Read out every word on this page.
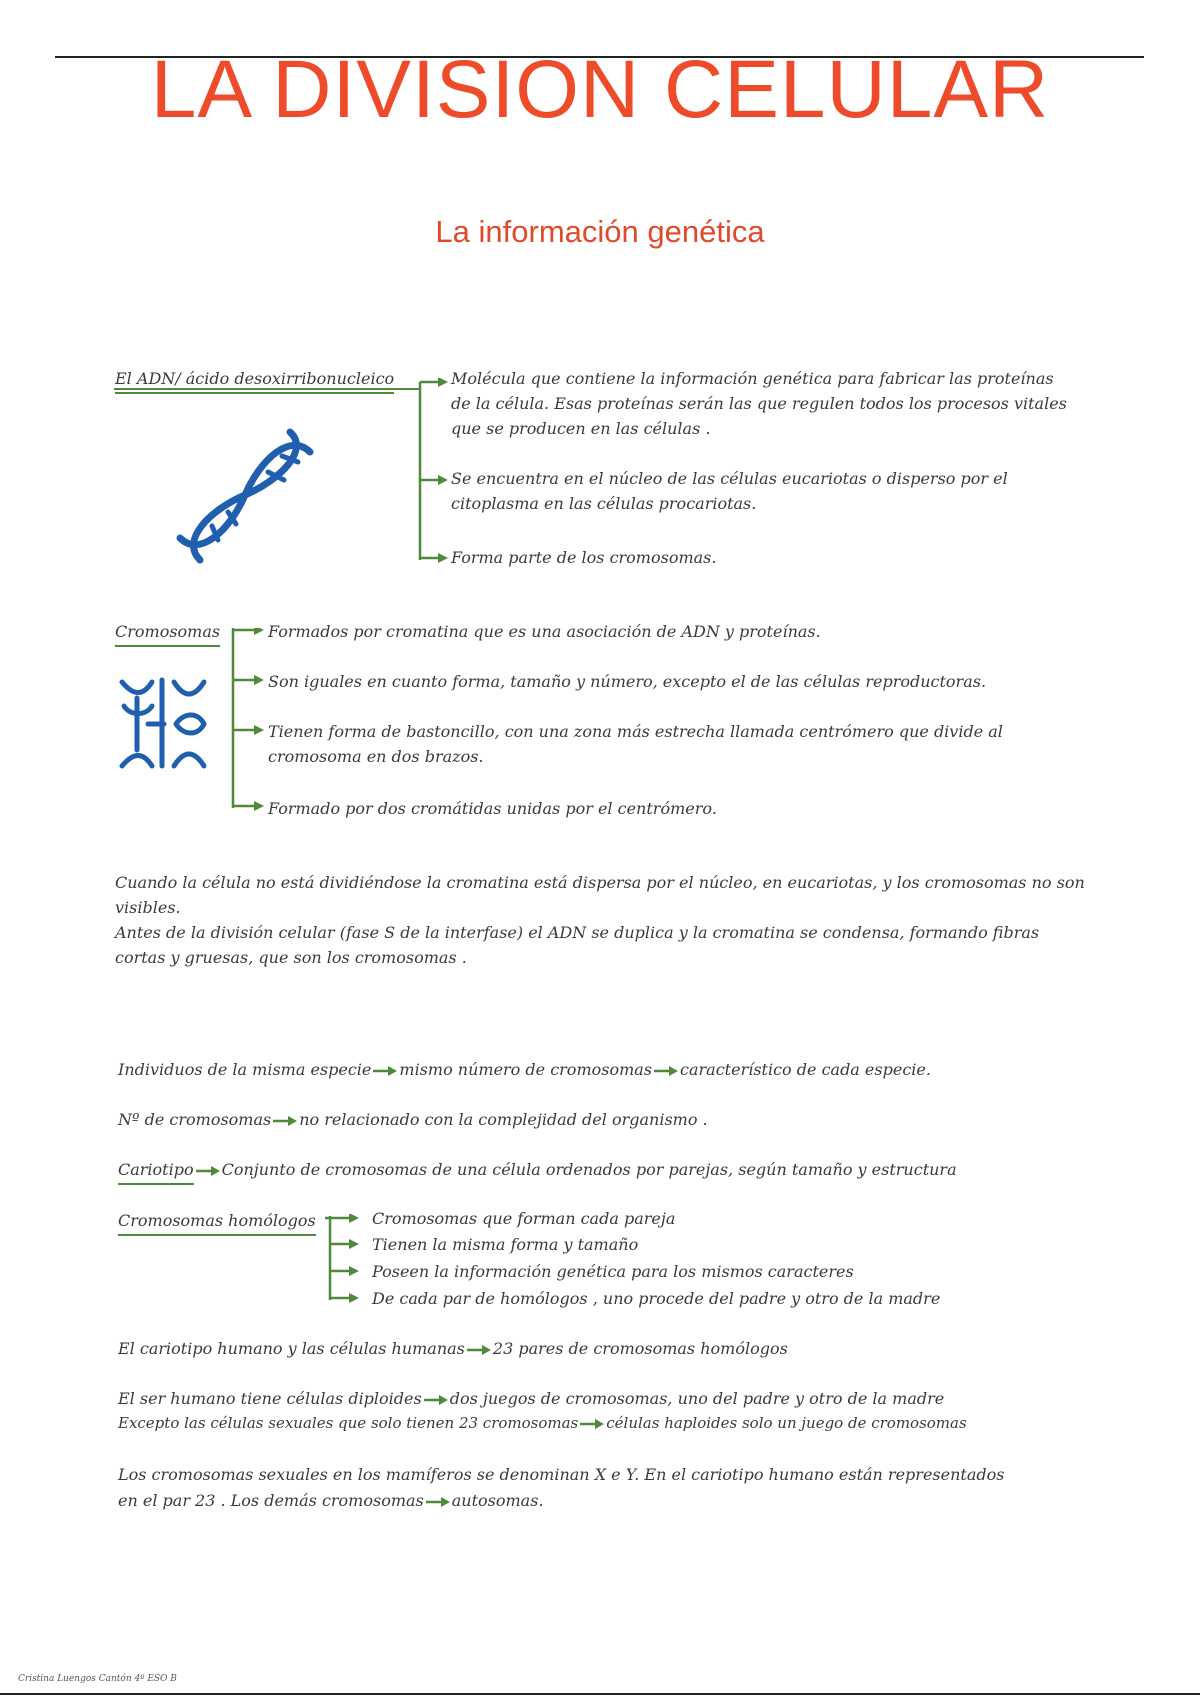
LA DIVISION CELULAR
La información genética
El ADN/ ácido desoxirribonucleico	Molécula que contiene la información genética para fabricar las proteínas de la célula. Esas proteínas serán las que regulen todos los procesos vitales que se producen en las células .
Se encuentra en el núcleo de las células eucariotas o disperso por el citoplasma en las células procariotas.
Forma parte de los cromosomas.
Cromosomas	Formados por cromatina que es una asociación de ADN y proteínas.
Son iguales en cuanto forma, tamaño y número, excepto el de las células reproductoras.
Tienen forma de bastoncillo, con una zona más estrecha llamada centrómero que divide al cromosoma en dos brazos.
Formado por dos cromátidas unidas por el centrómero.
Cuando la célula no está dividiéndose la cromatina está dispersa por el núcleo, en eucariotas, y los cromosomas no son visibles.
Antes de la división celular (fase S de la interfase) el ADN se duplica y la cromatina se condensa, formando fibras cortas y gruesas, que son los cromosomas .
Individuos de la misma especie mismo número de cromosomas característico de cada especie.
Nº de cromosomas no relacionado con la complejidad del organismo .
Cariotipo Conjunto de cromosomas de una célula ordenados por parejas, según tamaño y estructura
Cromosomas homólogos	Cromosomas que forman cada pareja
Tienen la misma forma y tamaño
Poseen la información genética para los mismos caracteres
De cada par de homólogos , uno procede del padre y otro de la madre
El cariotipo humano y las células humanas 23 pares de cromosomas homólogos
El ser humano tiene células diploides dos juegos de cromosomas, uno del padre y otro de la madre
Excepto las células sexuales que solo tienen 23 cromosomas células haploides solo un juego de cromosomas
Los cromosomas sexuales en los mamíferos se denominan X e Y. En el cariotipo humano están representados
en el par 23 . Los demás cromosomas autosomas.
Cristina Luengos Cantón 4º ESO B
